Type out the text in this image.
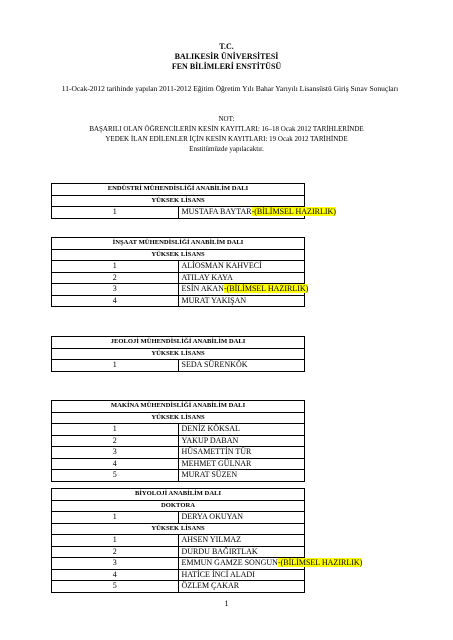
T.C.
BALIKESİR ÜNİVERSİTESİ
FEN BİLİMLERİ ENSTİTÜSÜ
11-Ocak-2012 tarihinde yapılan 2011-2012 Eğitim Öğretim Yılı Bahar Yarıyılı Lisansüstü Giriş Sınav Sonuçları
NOT:
BAŞARILI OLAN ÖĞRENCİLERİN KESİN KAYITLARI: 16–18 Ocak 2012 TARİHLERİNDE
YEDEK İLAN EDİLENLER İÇİN KESİN KAYITLARI: 19 Ocak 2012 TARİHİNDE
Enstitümüzde yapılacaktır.
ENDÜSTRİ MÜHENDİSLİĞİ ANABİLİM DALI
YÜKSEK LİSANS
1	MUSTAFA BAYTAR-(BİLİMSEL HAZIRLIK)
İNŞAAT MÜHENDİSLİĞİ ANABİLİM DALI	
YÜKSEK LİSANS	
1	ALİOSMAN KAHVECİ
2	ATILAY KAYA
3	ESİN AKAN-(BİLİMSEL HAZIRLIK)
4	MURAT YAKIŞAN
JEOLOJİ MÜHENDİSLİĞİ ANABİLİM DALI
YÜKSEK LİSANS
1	SEDA SÜRENKÖK
MAKİNA MÜHENDİSLİĞİ ANABİLİM DALI	
YÜKSEK LİSANS	
1	DENİZ KÖKSAL
2	YAKUP DABAN
3	HÜSAMETTİN TÜR
4	MEHMET GÜLNAR
5	MURAT SÜZEN
BİYOLOJİ ANABİLİM DALI	
DOKTORA	
1	DERYA OKUYAN
YÜKSEK LİSANS	
1	AHSEN YILMAZ
2	DURDU BAĞIRTLAK
3	EMMUN GAMZE SONGUN-(BİLİMSEL HAZIRLIK)
4	HATİCE İNCİ ALADI
5	ÖZLEM ÇAKAR
1
